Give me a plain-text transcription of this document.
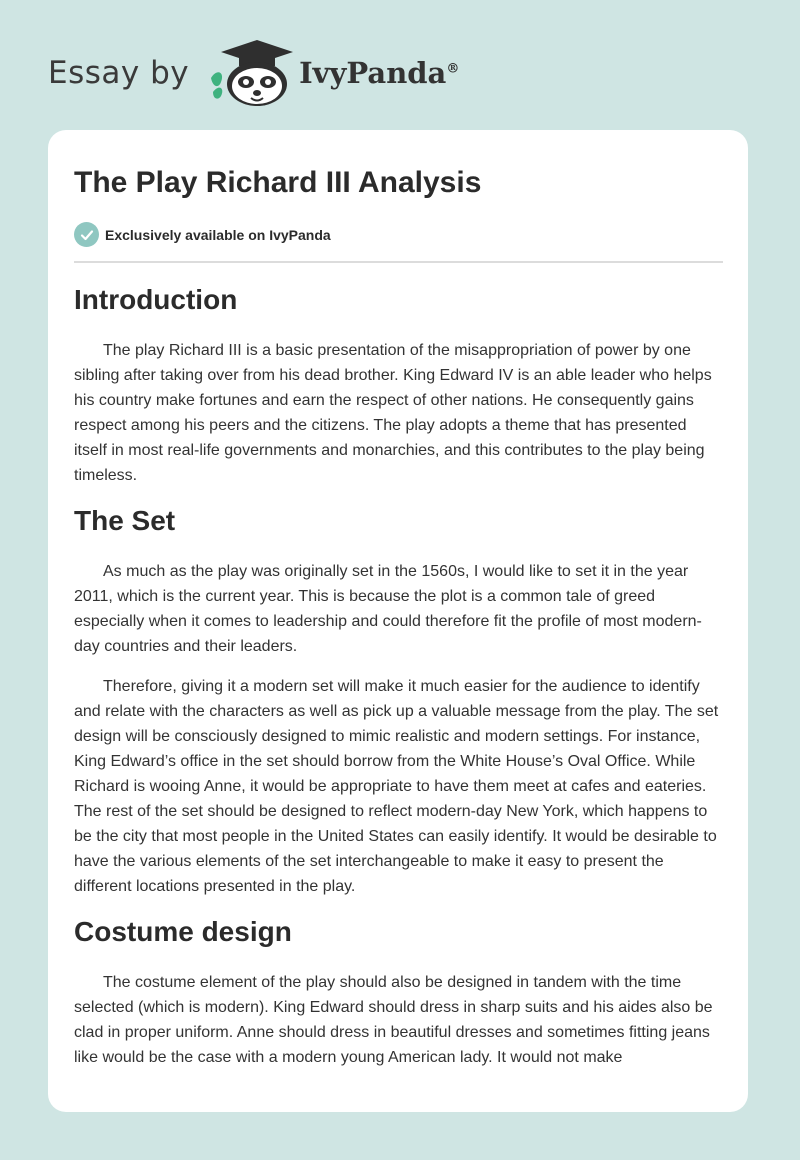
Essay by	IvyPanda®
The Play Richard III Analysis
Exclusively available on IvyPanda
Introduction

The play Richard III is a basic presentation of the misappropriation of power by one sibling after taking over from his dead brother. King Edward IV is an able leader who helps his country make fortunes and earn the respect of other nations. He consequently gains respect among his peers and the citizens. The play adopts a theme that has presented itself in most real-life governments and monarchies, and this contributes to the play being timeless.

The Set

As much as the play was originally set in the 1560s, I would like to set it in the year 2011, which is the current year. This is because the plot is a common tale of greed especially when it comes to leadership and could therefore fit the profile of most modern-day countries and their leaders.

Therefore, giving it a modern set will make it much easier for the audience to identify and relate with the characters as well as pick up a valuable message from the play. The set design will be consciously designed to mimic realistic and modern settings. For instance, King Edward’s office in the set should borrow from the White House’s Oval Office. While Richard is wooing Anne, it would be appropriate to have them meet at cafes and eateries. The rest of the set should be designed to reflect modern-day New York, which happens to be the city that most people in the United States can easily identify. It would be desirable to have the various elements of the set interchangeable to make it easy to present the different locations presented in the play.

Costume design

The costume element of the play should also be designed in tandem with the time selected (which is modern). King Edward should dress in sharp suits and his aides also be clad in proper uniform. Anne should dress in beautiful dresses and sometimes fitting jeans like would be the case with a modern young American lady. It would not make
